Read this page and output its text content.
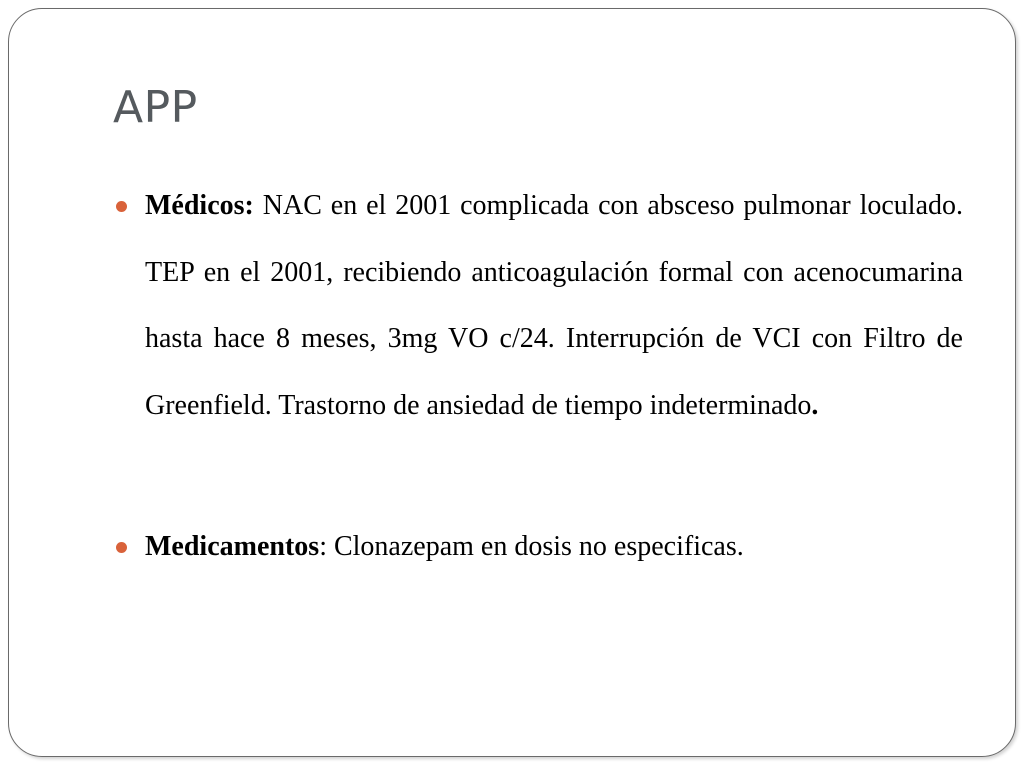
APP
Médicos: NAC en el 2001 complicada con absceso pulmonar loculado. TEP en el 2001, recibiendo anticoagulación formal con acenocumarina hasta hace 8 meses, 3mg VO c/24. Interrupción de VCI con Filtro de Greenfield. Trastorno de ansiedad de tiempo indeterminado.
Medicamentos: Clonazepam en dosis no especificas.
